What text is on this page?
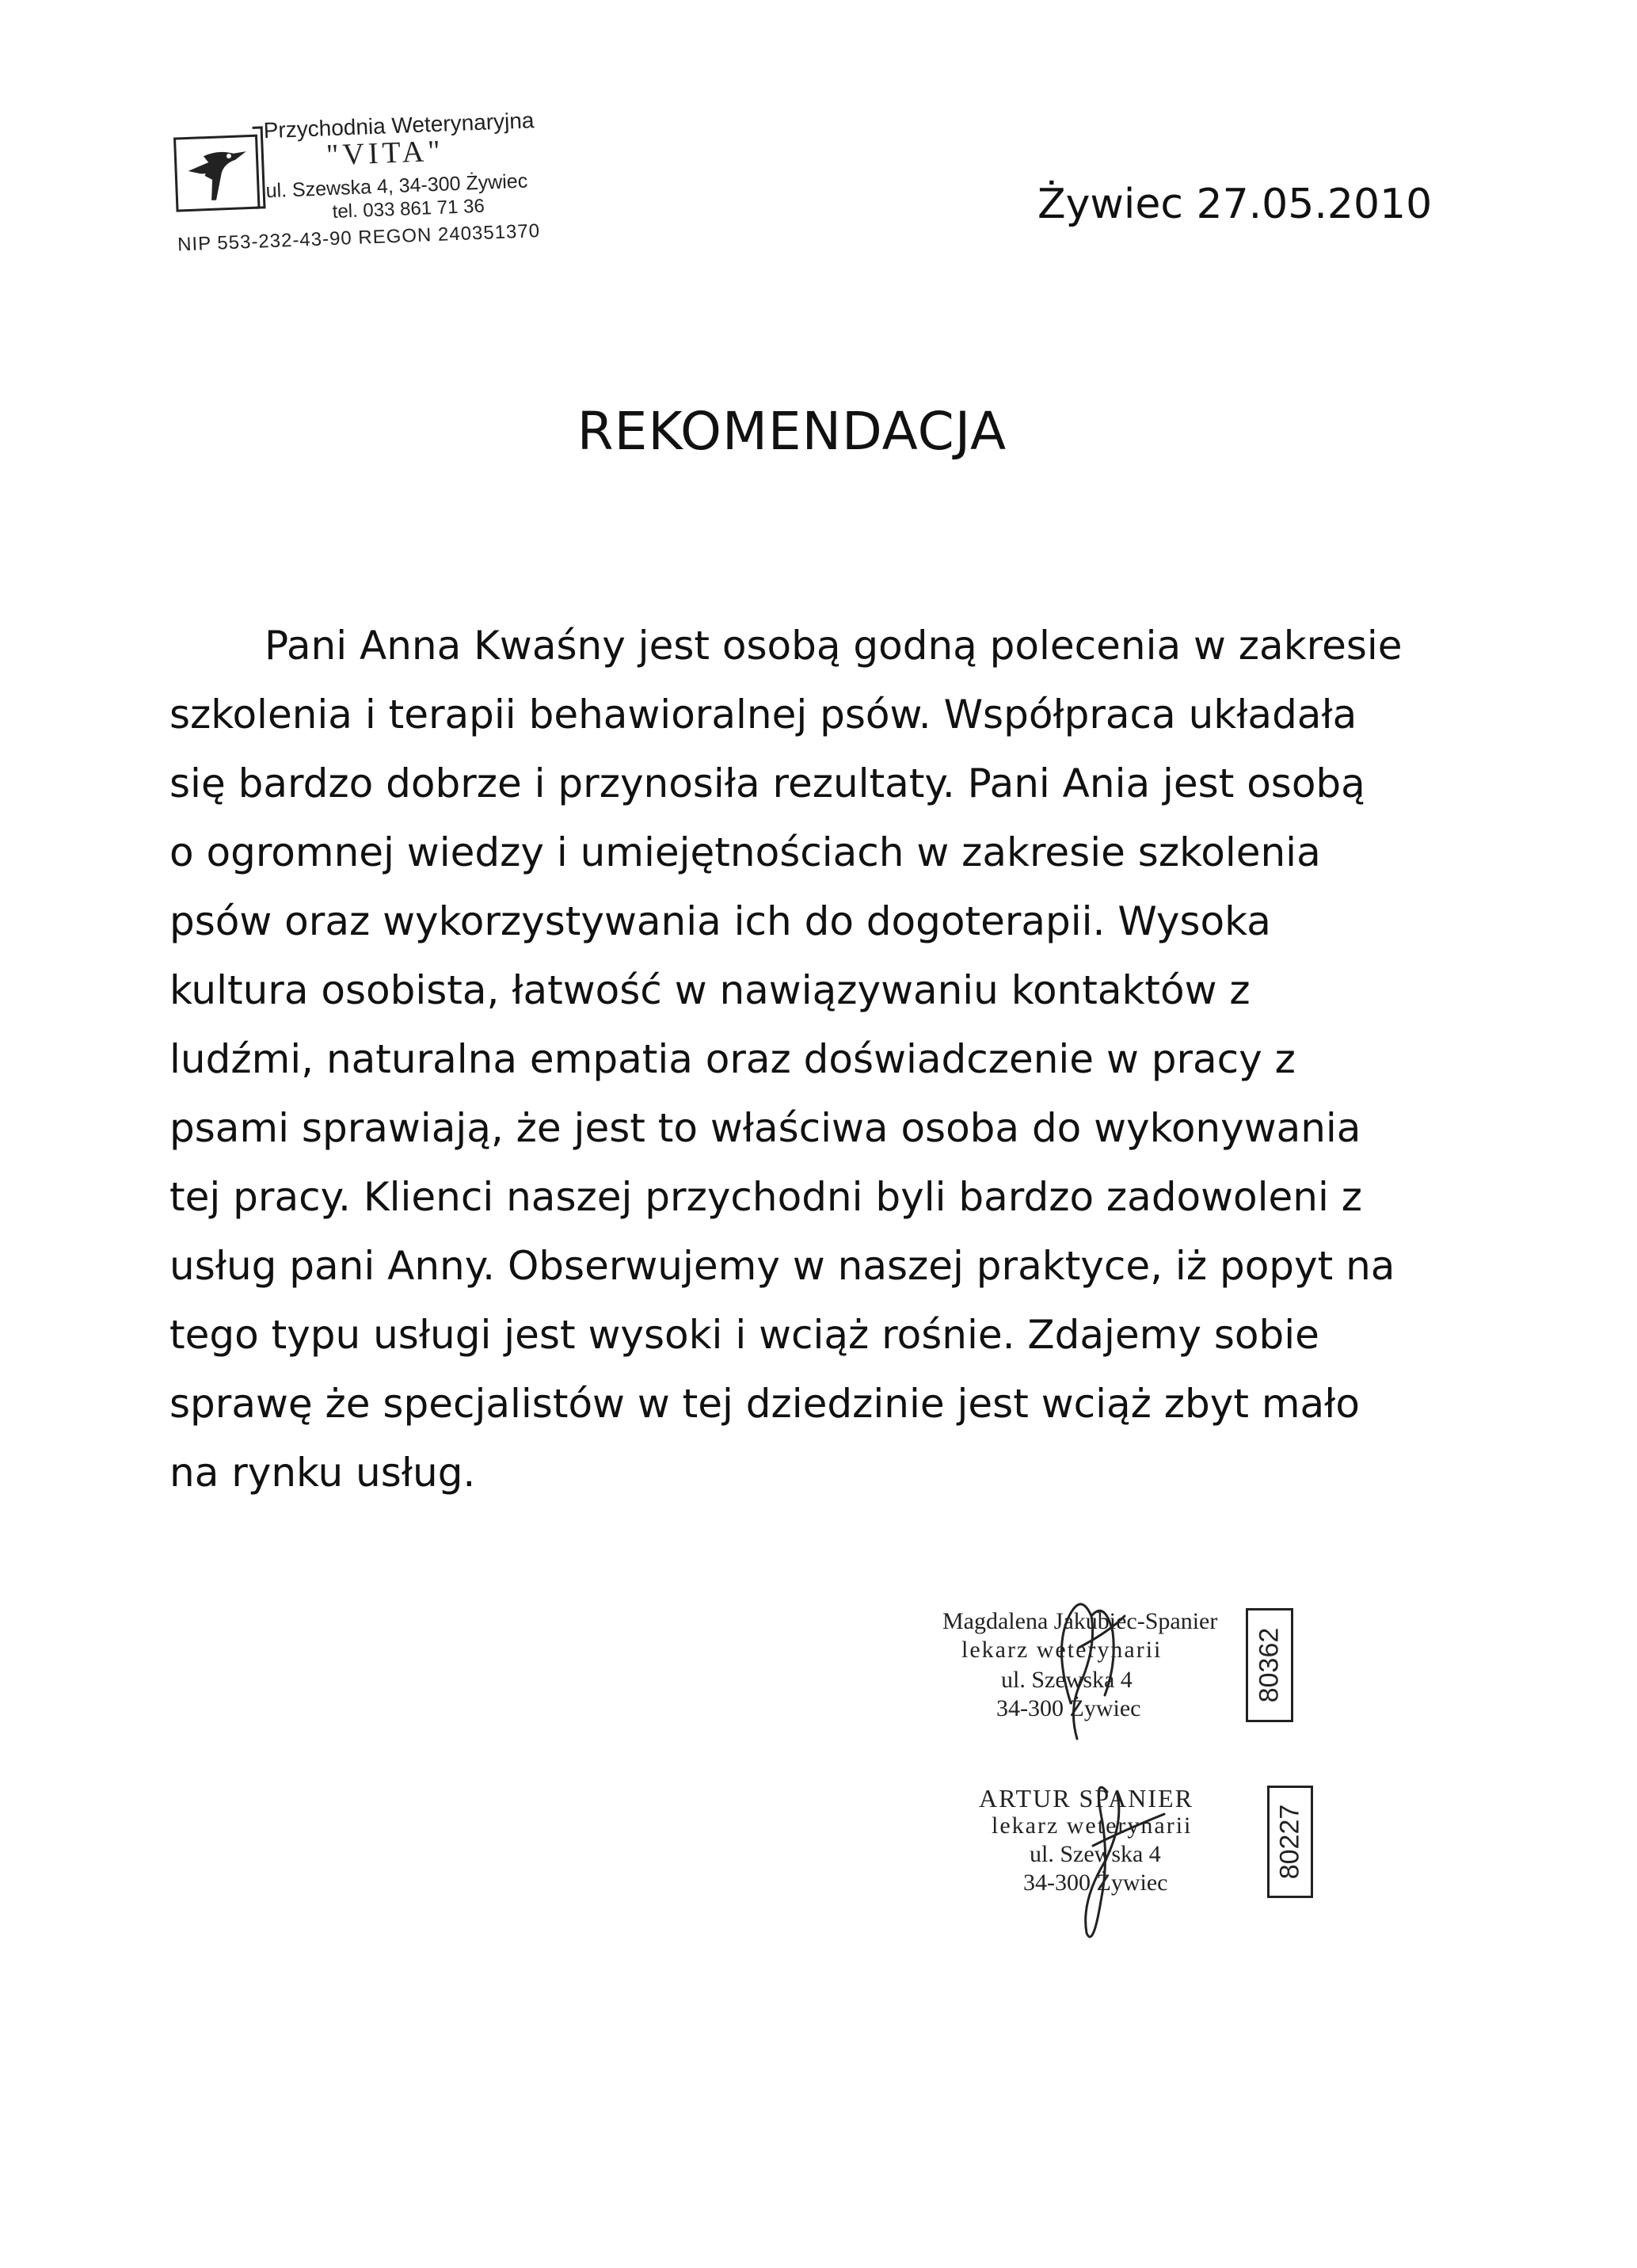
Przychodnia Weterynaryjna
"VITA"
ul. Szewska 4, 34-300 Żywiec
tel. 033 861 71 36
NIP 553-232-43-90 REGON 240351370
Żywiec 27.05.2010
REKOMENDACJA
Pani Anna Kwaśny jest osobą godną polecenia w zakresie
szkolenia i terapii behawioralnej psów. Współpraca układała
się bardzo dobrze i przynosiła rezultaty. Pani Ania jest osobą
o ogromnej wiedzy i umiejętnościach w zakresie szkolenia
psów oraz wykorzystywania ich do dogoterapii. Wysoka
kultura osobista, łatwość w nawiązywaniu kontaktów z
ludźmi, naturalna empatia oraz doświadczenie w pracy z
psami sprawiają, że jest to właściwa osoba do wykonywania
tej pracy. Klienci naszej przychodni byli bardzo zadowoleni z
usług pani Anny. Obserwujemy w naszej praktyce, iż popyt na
tego typu usługi jest wysoki i wciąż rośnie. Zdajemy sobie
sprawę że specjalistów w tej dziedzinie jest wciąż zbyt mało
na rynku usług.
Magdalena Jakubiec-Spanier
lekarz weterynarii
ul. Szewska 4
34-300 Żywiec
80362
ARTUR SPANIER
lekarz weterynarii
ul. Szewska 4
34-300 Żywiec
80227
